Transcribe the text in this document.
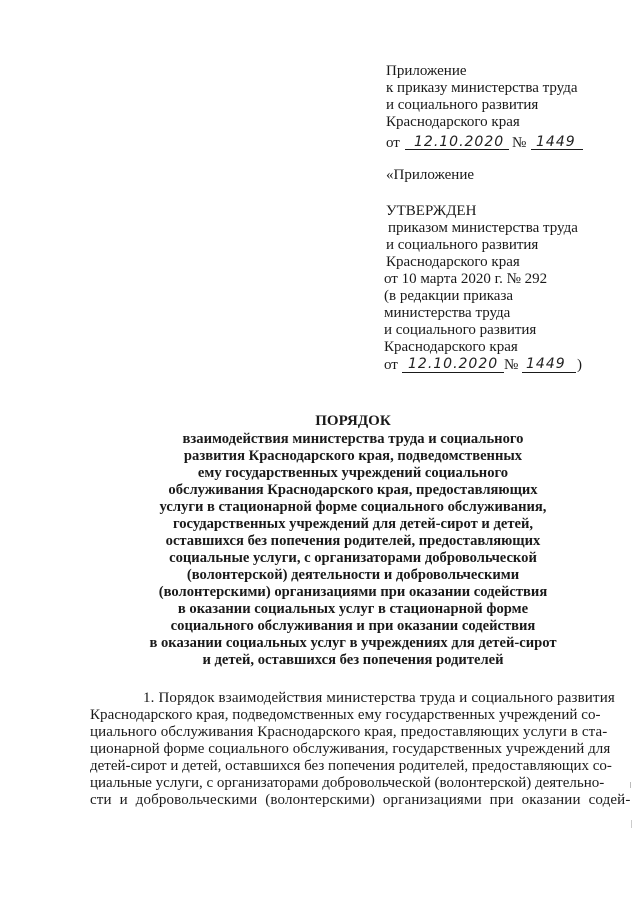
Приложение
к приказу министерства труда
и социального развития
Краснодарского края
от 12.10.2020 № 1449
«Приложение
УТВЕРЖДЕН
приказом министерства труда
и социального развития
Краснодарского края
от 10 марта 2020 г. № 292
(в редакции приказа
министерства труда
и социального развития
Краснодарского края
от 12.10.2020 № 1449 )
ПОРЯДОК
взаимодействия министерства труда и социального
развития Краснодарского края, подведомственных
ему государственных учреждений социального
обслуживания Краснодарского края, предоставляющих
услуги в стационарной форме социального обслуживания,
государственных учреждений для детей-сирот и детей,
оставшихся без попечения родителей, предоставляющих
социальные услуги, с организаторами добровольческой
(волонтерской) деятельности и добровольческими
(волонтерскими) организациями при оказании содействия
в оказании социальных услуг в стационарной форме
социального обслуживания и при оказании содействия
в оказании социальных услуг в учреждениях для детей-сирот
и детей, оставшихся без попечения родителей
1. Порядок взаимодействия министерства труда и социального развития
Краснодарского края, подведомственных ему государственных учреждений со-
циального обслуживания Краснодарского края, предоставляющих услуги в ста-
ционарной форме социального обслуживания, государственных учреждений для
детей-сирот и детей, оставшихся без попечения родителей, предоставляющих со-
циальные услуги, с организаторами добровольческой (волонтерской) деятельно-
сти и добровольческими (волонтерскими) организациями при оказании содей-
